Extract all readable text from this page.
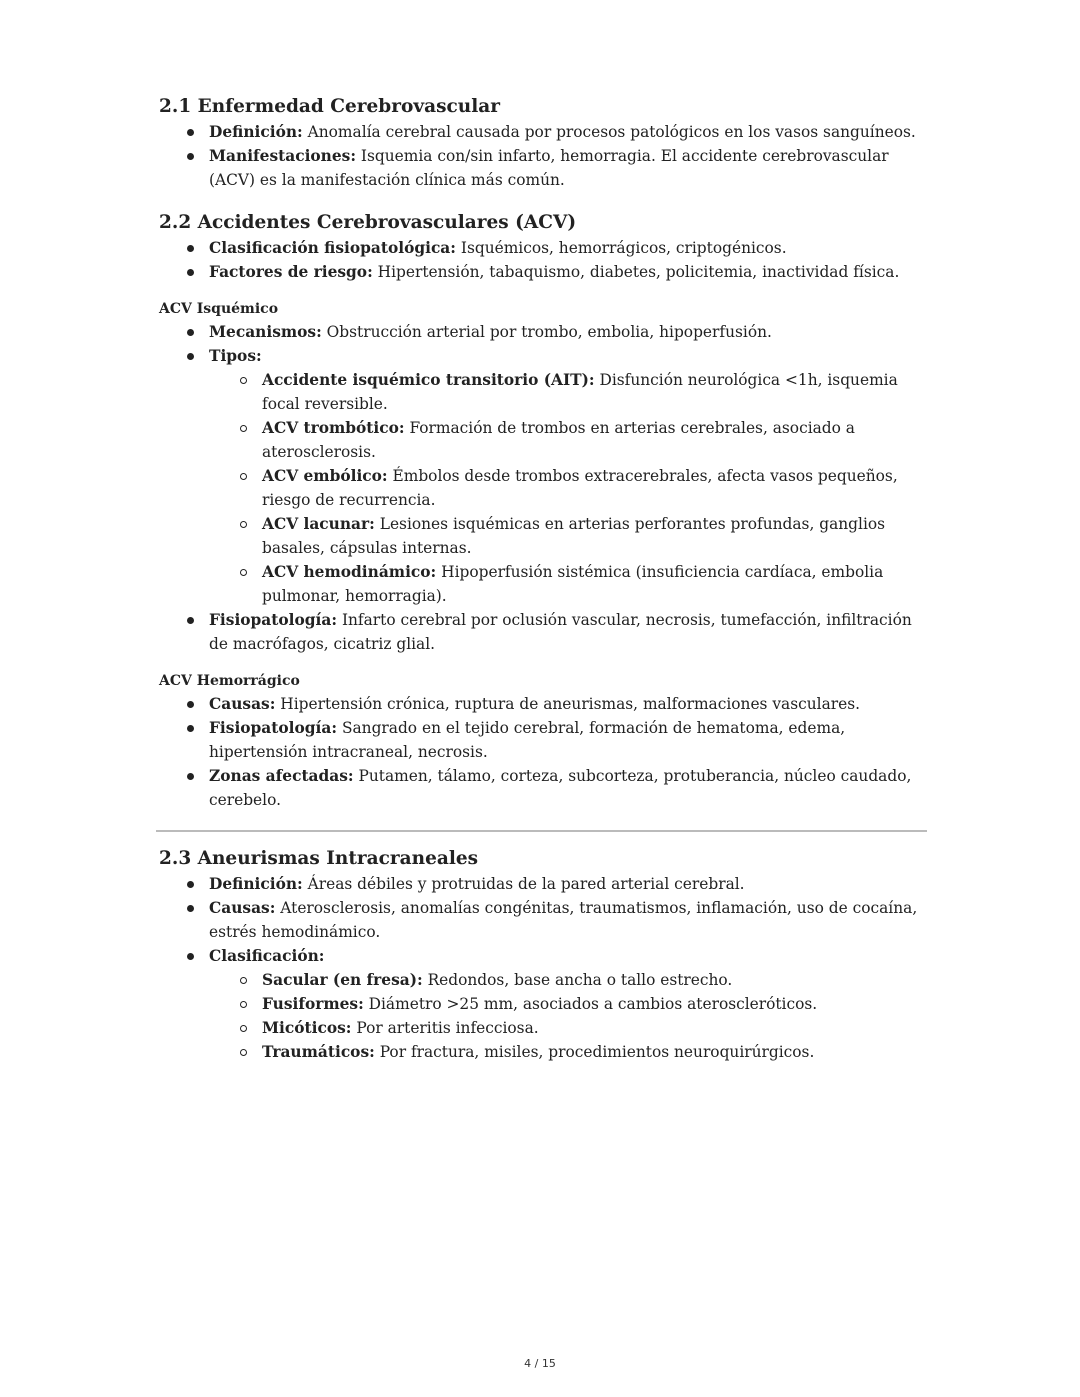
2.1 Enfermedad Cerebrovascular
Definición: Anomalía cerebral causada por procesos patológicos en los vasos sanguíneos.
Manifestaciones: Isquemia con/sin infarto, hemorragia. El accidente cerebrovascular (ACV) es la manifestación clínica más común.
2.2 Accidentes Cerebrovasculares (ACV)
Clasificación fisiopatológica: Isquémicos, hemorrágicos, criptogénicos.
Factores de riesgo: Hipertensión, tabaquismo, diabetes, policitemia, inactividad física.
ACV Isquémico
Mecanismos: Obstrucción arterial por trombo, embolia, hipoperfusión.
Tipos:
Accidente isquémico transitorio (AIT): Disfunción neurológica <1h, isquemia focal reversible.
ACV trombótico: Formación de trombos en arterias cerebrales, asociado a aterosclerosis.
ACV embólico: Émbolos desde trombos extracerebrales, afecta vasos pequeños, riesgo de recurrencia.
ACV lacunar: Lesiones isquémicas en arterias perforantes profundas, ganglios basales, cápsulas internas.
ACV hemodinámico: Hipoperfusión sistémica (insuficiencia cardíaca, embolia pulmonar, hemorragia).
Fisiopatología: Infarto cerebral por oclusión vascular, necrosis, tumefacción, infiltración de macrófagos, cicatriz glial.
ACV Hemorrágico
Causas: Hipertensión crónica, ruptura de aneurismas, malformaciones vasculares.
Fisiopatología: Sangrado en el tejido cerebral, formación de hematoma, edema, hipertensión intracraneal, necrosis.
Zonas afectadas: Putamen, tálamo, corteza, subcorteza, protuberancia, núcleo caudado, cerebelo.
2.3 Aneurismas Intracraneales
Definición: Áreas débiles y protruidas de la pared arterial cerebral.
Causas: Aterosclerosis, anomalías congénitas, traumatismos, inflamación, uso de cocaína, estrés hemodinámico.
Clasificación:
Sacular (en fresa): Redondos, base ancha o tallo estrecho.
Fusiformes: Diámetro >25 mm, asociados a cambios ateroscleróticos.
Micóticos: Por arteritis infecciosa.
Traumáticos: Por fractura, misiles, procedimientos neuroquirúrgicos.
4 / 15
